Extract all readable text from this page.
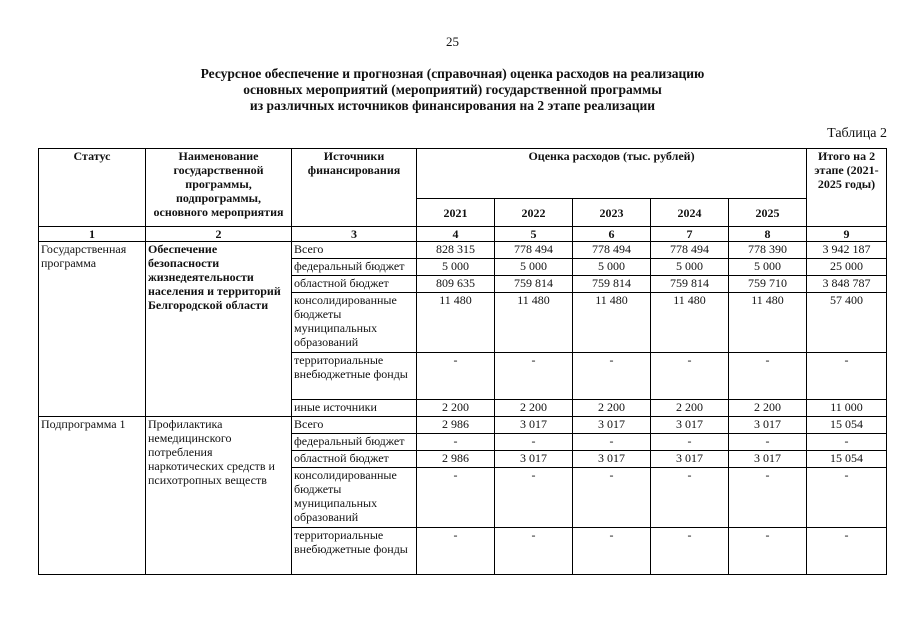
25
Ресурсное обеспечение и прогнозная (справочная) оценка расходов на реализацию
основных мероприятий (мероприятий) государственной программы
из различных источников финансирования на 2 этапе реализации
Таблица 2
Статус	Наименование государственной программы, подпрограммы, основного мероприятия	Источники финансирования	Оценка расходов (тыс. рублей)					Итого на 2 этапе (2021-2025 годы)
			2021	2022	2023	2024	2025	
1	2	3	4	5	6	7	8	9
Государственная программа	Обеспечение безопасности жизнедеятельности населения и территорий Белгородской области	Всего	828 315	778 494	778 494	778 494	778 390	3 942 187
		федеральный бюджет	5 000	5 000	5 000	5 000	5 000	25 000
		областной бюджет	809 635	759 814	759 814	759 814	759 710	3 848 787
		консолидированные бюджеты муниципальных образований	11 480	11 480	11 480	11 480	11 480	57 400
		территориальные внебюджетные фонды	-	-	-	-	-	-
		иные источники	2 200	2 200	2 200	2 200	2 200	11 000
Подпрограмма 1	Профилактика немедицинского потребления наркотических средств и психотропных веществ	Всего	2 986	3 017	3 017	3 017	3 017	15 054
		федеральный бюджет	-	-	-	-	-	-
		областной бюджет	2 986	3 017	3 017	3 017	3 017	15 054
		консолидированные бюджеты муниципальных образований	-	-	-	-	-	-
		территориальные внебюджетные фонды	-	-	-	-	-	-
